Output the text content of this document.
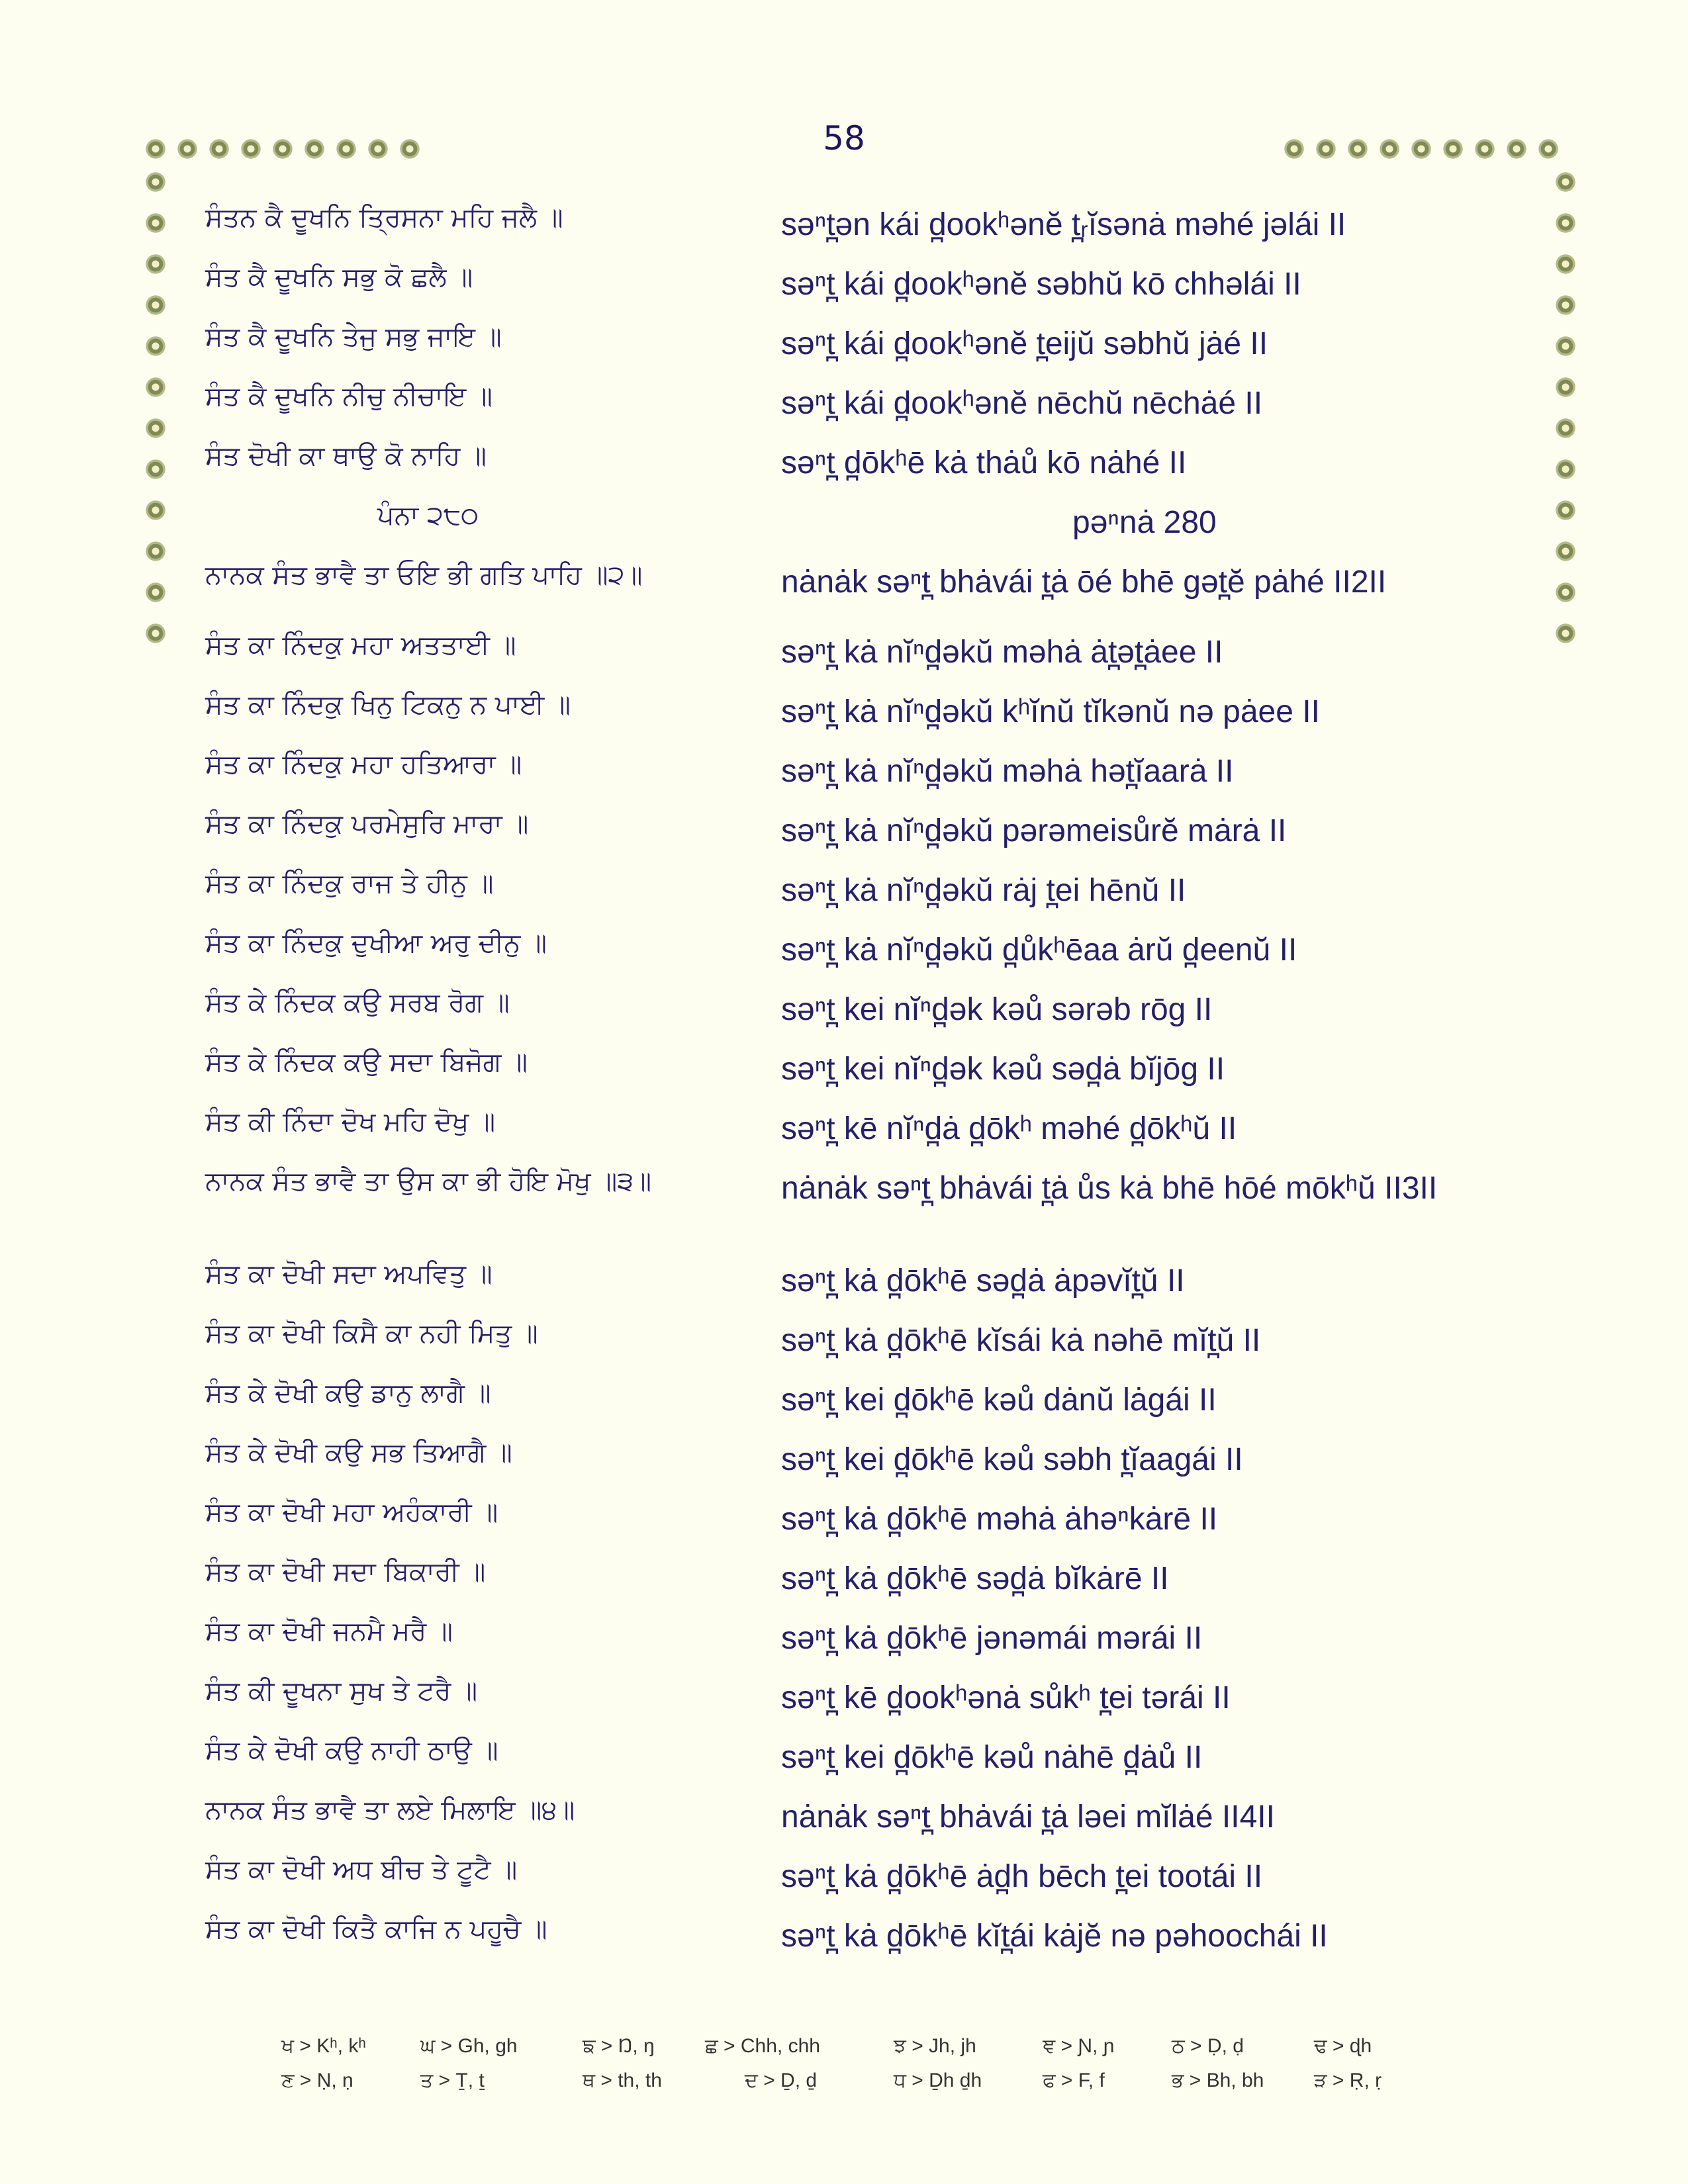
58
ਸੰਤਨ ਕੈ ਦੂਖਨਿ ਤ੍ਰਿਸਨਾ ਮਹਿ ਜਲੈ ॥	səⁿt̪ən kái d̪ookʰənĕ t̪ᵣĭsənȧ məhé jəlái II
ਸੰਤ ਕੈ ਦੂਖਨਿ ਸਭੁ ਕੋ ਛਲੈ ॥	səⁿt̪ kái d̪ookʰənĕ səbhŭ kō chhəlái II
ਸੰਤ ਕੈ ਦੂਖਨਿ ਤੇਜੁ ਸਭੁ ਜਾਇ ॥	səⁿt̪ kái d̪ookʰənĕ t̪eijŭ səbhŭ jȧé II
ਸੰਤ ਕੈ ਦੂਖਨਿ ਨੀਚੁ ਨੀਚਾਇ ॥	səⁿt̪ kái d̪ookʰənĕ nēchŭ nēchȧé II
ਸੰਤ ਦੋਖੀ ਕਾ ਥਾਉ ਕੋ ਨਾਹਿ ॥	səⁿt̪ d̪ōkʰē kȧ thȧů kō nȧhé II
ਪੰਨਾ ੨੮੦	pəⁿnȧ 280
ਨਾਨਕ ਸੰਤ ਭਾਵੈ ਤਾ ਓਇ ਭੀ ਗਤਿ ਪਾਹਿ ॥੨॥	nȧnȧk səⁿt̪ bhȧvái t̪ȧ ōé bhē gət̪ĕ pȧhé II2II
ਸੰਤ ਕਾ ਨਿੰਦਕੁ ਮਹਾ ਅਤਤਾਈ ॥	səⁿt̪ kȧ nĭⁿd̪əkŭ məhȧ ȧt̪ət̪ȧee II
ਸੰਤ ਕਾ ਨਿੰਦਕੁ ਖਿਨੁ ਟਿਕਨੁ ਨ ਪਾਈ ॥	səⁿt̪ kȧ nĭⁿd̪əkŭ kʰĭnŭ tĭkənŭ nə pȧee II
ਸੰਤ ਕਾ ਨਿੰਦਕੁ ਮਹਾ ਹਤਿਆਰਾ ॥	səⁿt̪ kȧ nĭⁿd̪əkŭ məhȧ hət̪ĭaarȧ II
ਸੰਤ ਕਾ ਨਿੰਦਕੁ ਪਰਮੇਸੁਰਿ ਮਾਰਾ ॥	səⁿt̪ kȧ nĭⁿd̪əkŭ pərəmeisůrĕ mȧrȧ II
ਸੰਤ ਕਾ ਨਿੰਦਕੁ ਰਾਜ ਤੇ ਹੀਨੁ ॥	səⁿt̪ kȧ nĭⁿd̪əkŭ rȧj t̪ei hēnŭ II
ਸੰਤ ਕਾ ਨਿੰਦਕੁ ਦੁਖੀਆ ਅਰੁ ਦੀਨੁ ॥	səⁿt̪ kȧ nĭⁿd̪əkŭ d̪ůkʰēaa ȧrŭ d̪eenŭ II
ਸੰਤ ਕੇ ਨਿੰਦਕ ਕਉ ਸਰਬ ਰੋਗ ॥	səⁿt̪ kei nĭⁿd̪ək kəů sərəb rōg II
ਸੰਤ ਕੇ ਨਿੰਦਕ ਕਉ ਸਦਾ ਬਿਜੋਗ ॥	səⁿt̪ kei nĭⁿd̪ək kəů səd̪ȧ bĭjōg II
ਸੰਤ ਕੀ ਨਿੰਦਾ ਦੋਖ ਮਹਿ ਦੋਖੁ ॥	səⁿt̪ kē nĭⁿd̪ȧ d̪ōkʰ məhé d̪ōkʰŭ II
ਨਾਨਕ ਸੰਤ ਭਾਵੈ ਤਾ ਉਸ ਕਾ ਭੀ ਹੋਇ ਮੋਖੁ ॥੩॥	nȧnȧk səⁿt̪ bhȧvái t̪ȧ ůs kȧ bhē hōé mōkʰŭ II3II
ਸੰਤ ਕਾ ਦੋਖੀ ਸਦਾ ਅਪਵਿਤੁ ॥	səⁿt̪ kȧ d̪ōkʰē səd̪ȧ ȧpəvĭt̪ŭ II
ਸੰਤ ਕਾ ਦੋਖੀ ਕਿਸੈ ਕਾ ਨਹੀ ਮਿਤੁ ॥	səⁿt̪ kȧ d̪ōkʰē kĭsái kȧ nəhē mĭt̪ŭ II
ਸੰਤ ਕੇ ਦੋਖੀ ਕਉ ਡਾਨੁ ਲਾਗੈ ॥	səⁿt̪ kei d̪ōkʰē kəů dȧnŭ lȧgái II
ਸੰਤ ਕੇ ਦੋਖੀ ਕਉ ਸਭ ਤਿਆਗੈ ॥	səⁿt̪ kei d̪ōkʰē kəů səbh t̪ĭaagái II
ਸੰਤ ਕਾ ਦੋਖੀ ਮਹਾ ਅਹੰਕਾਰੀ ॥	səⁿt̪ kȧ d̪ōkʰē məhȧ ȧhəⁿkȧrē II
ਸੰਤ ਕਾ ਦੋਖੀ ਸਦਾ ਬਿਕਾਰੀ ॥	səⁿt̪ kȧ d̪ōkʰē səd̪ȧ bĭkȧrē II
ਸੰਤ ਕਾ ਦੋਖੀ ਜਨਮੈ ਮਰੈ ॥	səⁿt̪ kȧ d̪ōkʰē jənəmái mərái II
ਸੰਤ ਕੀ ਦੂਖਨਾ ਸੁਖ ਤੇ ਟਰੈ ॥	səⁿt̪ kē d̪ookʰənȧ sůkʰ t̪ei tərái II
ਸੰਤ ਕੇ ਦੋਖੀ ਕਉ ਨਾਹੀ ਠਾਉ ॥	səⁿt̪ kei d̪ōkʰē kəů nȧhē d̪ȧů II
ਨਾਨਕ ਸੰਤ ਭਾਵੈ ਤਾ ਲਏ ਮਿਲਾਇ ॥੪॥	nȧnȧk səⁿt̪ bhȧvái t̪ȧ ləei mĭlȧé II4II
ਸੰਤ ਕਾ ਦੋਖੀ ਅਧ ਬੀਚ ਤੇ ਟੂਟੈ ॥	səⁿt̪ kȧ d̪ōkʰē ȧd̪h bēch t̪ei tootái II
ਸੰਤ ਕਾ ਦੋਖੀ ਕਿਤੈ ਕਾਜਿ ਨ ਪਹੂਚੈ ॥	səⁿt̪ kȧ d̪ōkʰē kĭt̪ái kȧjĕ nə pəhoochái II
ਖ > Kʰ, kʰ	ਘ > Gh, gh	ਙ > Ŋ, ŋ	ਛ > Chh, chh	ਝ > Jh, jh	ਞ > Ɲ, ɲ	ਠ > Ḍ, ḍ	ਢ > ɖh
ਣ > Ṇ, ṇ	ਤ > Ṯ, ṯ	ਥ > th, th	ਦ > Ḏ, ḏ	ਧ > Ḏh ḏh	ਫ > F, f	ਭ > Bh, bh	ੜ > Ṛ, ṛ
